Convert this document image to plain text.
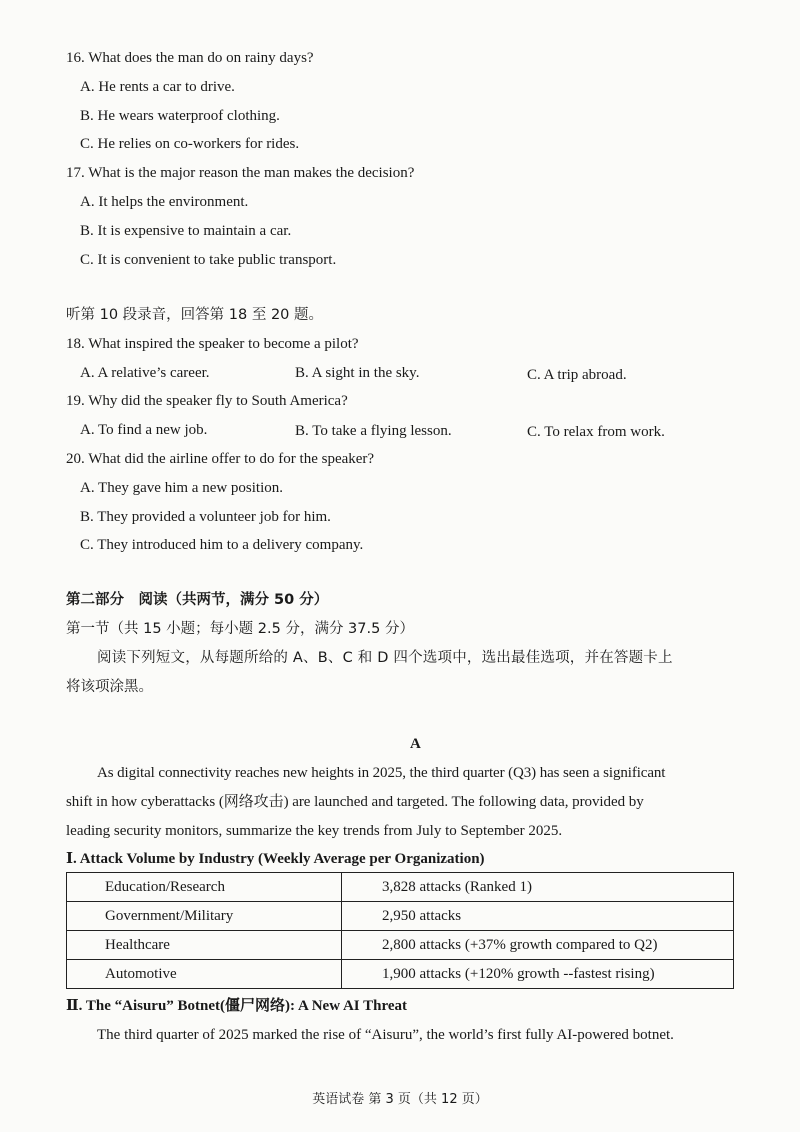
16. What does the man do on rainy days?
A. He rents a car to drive.
B. He wears waterproof clothing.
C. He relies on co-workers for rides.
17. What is the major reason the man makes the decision?
A. It helps the environment.
B. It is expensive to maintain a car.
C. It is convenient to take public transport.
听第 10 段录音，回答第 18 至 20 题。
18. What inspired the speaker to become a pilot?
A. A relative’s career.	B. A sight in the sky.	C. A trip abroad.
19. Why did the speaker fly to South America?
A. To find a new job.	B. To take a flying lesson.	C. To relax from work.
20. What did the airline offer to do for the speaker?
A. They gave him a new position.
B. They provided a volunteer job for him.
C. They introduced him to a delivery company.
第二部分　阅读（共两节，满分 50 分）
第一节（共 15 小题；每小题 2.5 分，满分 37.5 分）
阅读下列短文，从每题所给的 A、B、C 和 D 四个选项中，选出最佳选项，并在答题卡上
将该项涂黑。
A
As digital connectivity reaches new heights in 2025, the third quarter (Q3) has seen a significant
shift in how cyberattacks (网络攻击) are launched and targeted. The following data, provided by
leading security monitors, summarize the key trends from July to September 2025.
Ⅰ. Attack Volume by Industry (Weekly Average per Organization)
Education/Research	3,828 attacks (Ranked 1)
Government/Military	2,950 attacks
Healthcare	2,800 attacks (+37% growth compared to Q2)
Automotive	1,900 attacks (+120% growth --fastest rising)
Ⅱ. The “Aisuru” Botnet(僵尸网络): A New AI Threat
The third quarter of 2025 marked the rise of “Aisuru”, the world’s first fully AI-powered botnet.
英语试卷 第 3 页（共 12 页）
